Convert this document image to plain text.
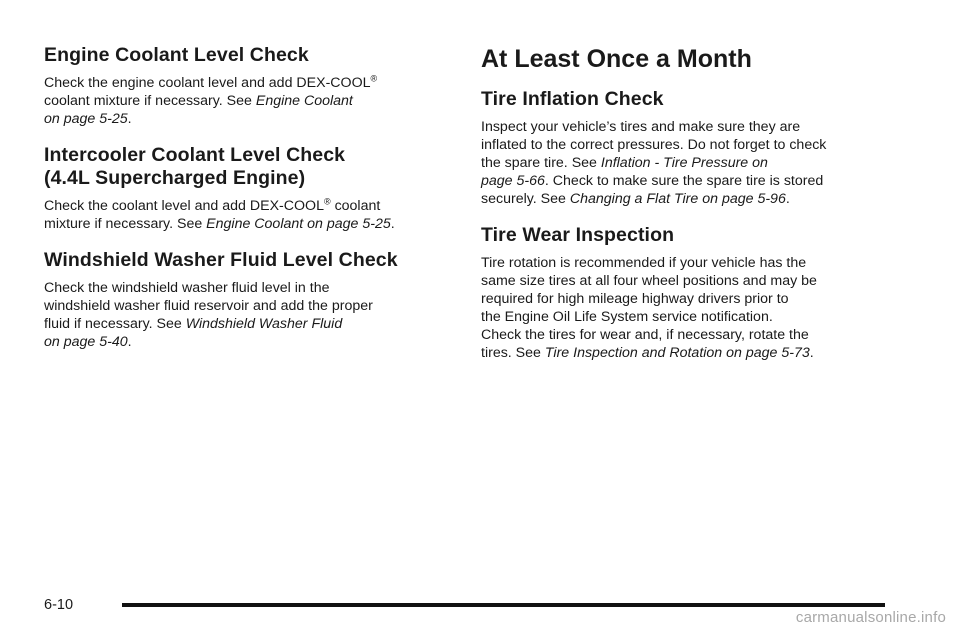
Engine Coolant Level Check

Check the engine coolant level and add DEX-COOL®
coolant mixture if necessary. See Engine Coolant
on page 5-25.

Intercooler Coolant Level Check
(4.4L Supercharged Engine)

Check the coolant level and add DEX-COOL® coolant
mixture if necessary. See Engine Coolant on page 5-25.

Windshield Washer Fluid Level Check

Check the windshield washer fluid level in the
windshield washer fluid reservoir and add the proper
fluid if necessary. See Windshield Washer Fluid
on page 5-40.

At Least Once a Month
Tire Inflation Check

Inspect your vehicle’s tires and make sure they are
inflated to the correct pressures. Do not forget to check
the spare tire. See Inflation - Tire Pressure on
page 5-66. Check to make sure the spare tire is stored
securely. See Changing a Flat Tire on page 5-96.

Tire Wear Inspection

Tire rotation is recommended if your vehicle has the
same size tires at all four wheel positions and may be
required for high mileage highway drivers prior to
the Engine Oil Life System service notification.
Check the tires for wear and, if necessary, rotate the
tires. See Tire Inspection and Rotation on page 5-73.

6-10
carmanualsonline.info
